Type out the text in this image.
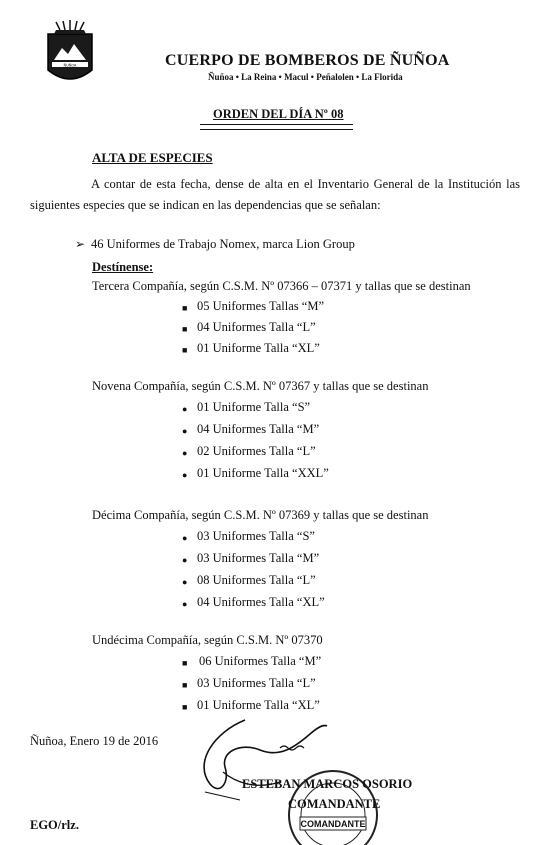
ÑUÑOA	CUERPO DE BOMBEROS DE ÑUÑOA
Ñuñoa • La Reina • Macul • Peñalolen • La Florida
ORDEN DEL DÍA Nº 08
ALTA DE ESPECIES
A contar de esta fecha, dense de alta en el Inventario General de la Institución las siguientes especies que se indican en las dependencias que se señalan:
➢ 46 Uniformes de Trabajo Nomex, marca Lion Group
Destínense:
Tercera Compañía, según C.S.M. Nº 07366 – 07371 y tallas que se destinan
■ 05 Uniformes Tallas “M”
■ 04 Uniformes Talla “L”
■ 01 Uniforme Talla “XL”
Novena Compañía, según C.S.M. Nº 07367 y tallas que se destinan
● 01 Uniforme Talla “S”
● 04 Uniformes Talla “M”
● 02 Uniformes Talla “L”
● 01 Uniforme Talla “XXL”
Décima Compañía, según C.S.M. Nº 07369 y tallas que se destinan
● 03 Uniformes Talla “S”
● 03 Uniformes Talla “M”
● 08 Uniformes Talla “L”
● 04 Uniformes Talla “XL”
Undécima Compañía, según C.S.M. Nº 07370
■ 06 Uniformes Talla “M”
■ 03 Uniformes Talla “L”
■ 01 Uniforme Talla “XL”
Ñuñoa, Enero 19 de 2016
COMANDANTE
ESTEBAN MARCOS OSORIO
COMANDANTE
EGO/rlz.
